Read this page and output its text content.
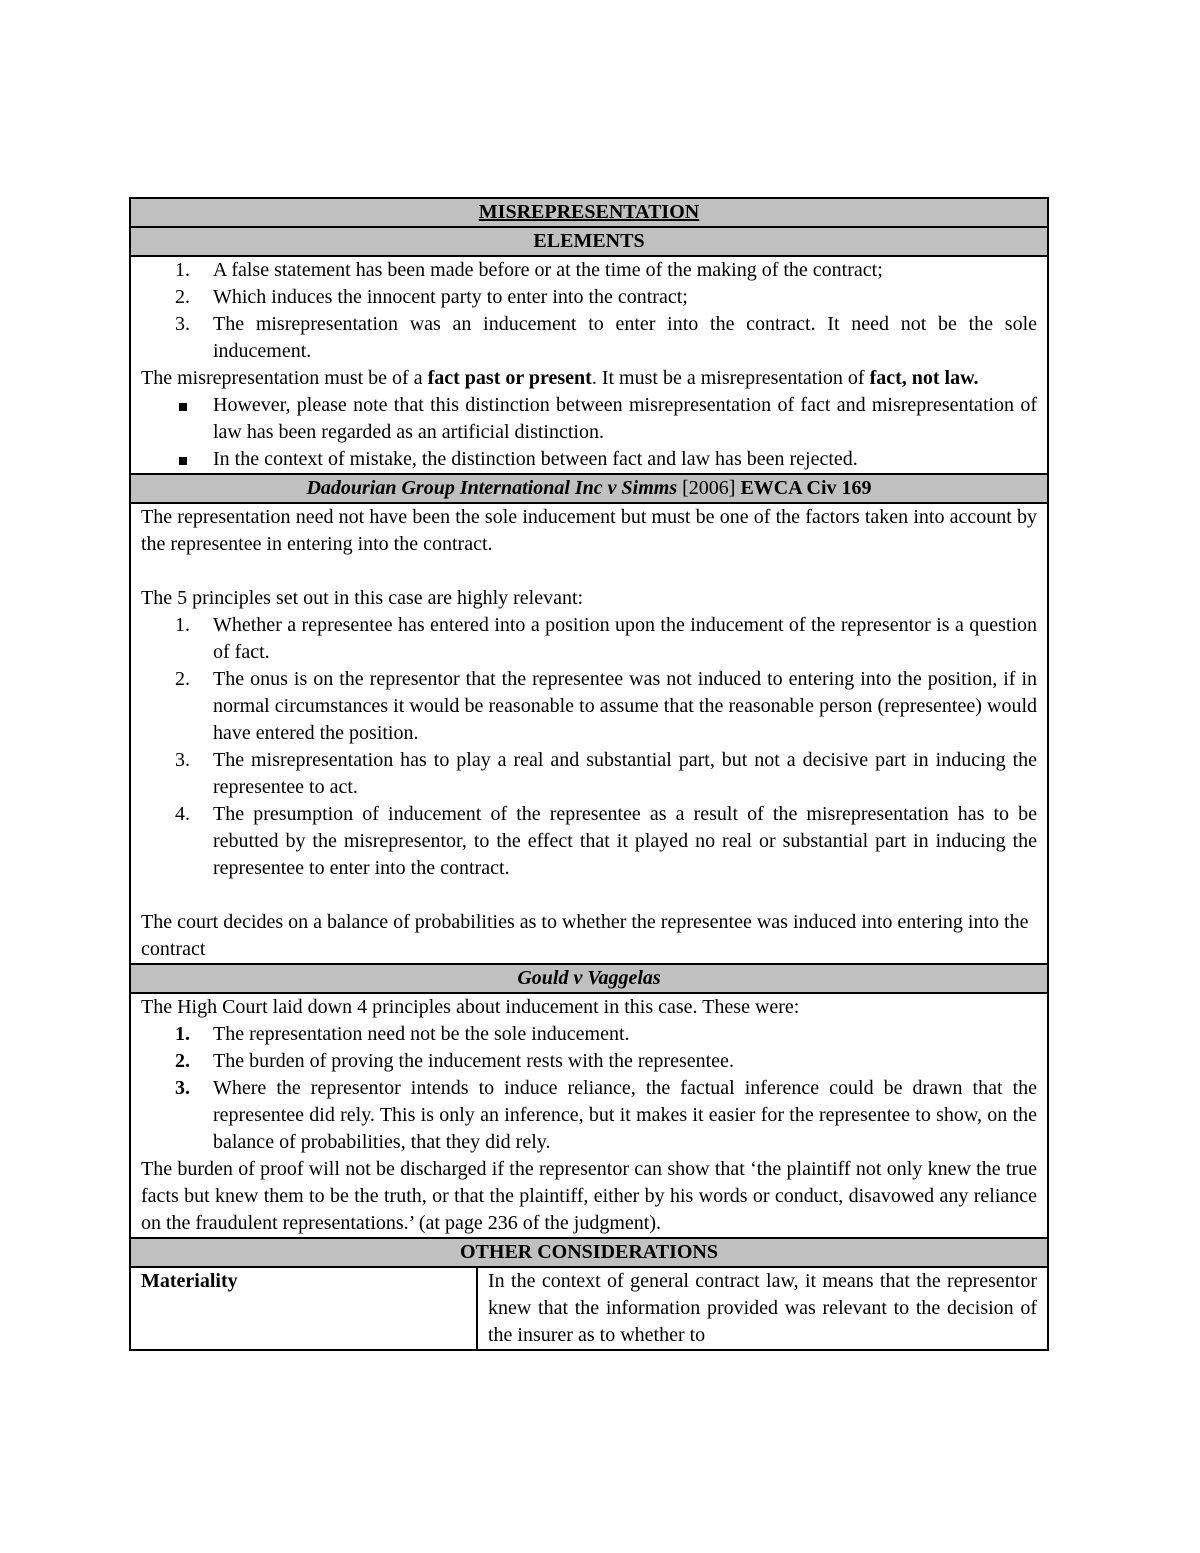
MISREPRESENTATION
ELEMENTS

1.	A false statement has been made before or at the time of the making of the contract;
2.	Which induces the innocent party to enter into the contract;
3.	The misrepresentation was an inducement to enter into the contract. It need not be the sole inducement.

The misrepresentation must be of a fact past or present. It must be a misrepresentation of fact, not law.

However, please note that this distinction between misrepresentation of fact and misrepresentation of law has been regarded as an artificial distinction.
In the context of mistake, the distinction between fact and law has been rejected.

Dadourian Group International Inc v Simms [2006] EWCA Civ 169

The representation need not have been the sole inducement but must be one of the factors taken into account by the representee in entering into the contract.

The 5 principles set out in this case are highly relevant:

1.	Whether a representee has entered into a position upon the inducement of the representor is a question of fact.
2.	The onus is on the representor that the representee was not induced to entering into the position, if in normal circumstances it would be reasonable to assume that the reasonable person (representee) would have entered the position.
3.	The misrepresentation has to play a real and substantial part, but not a decisive part in inducing the representee to act.
4.	The presumption of inducement of the representee as a result of the misrepresentation has to be rebutted by the misrepresentor, to the effect that it played no real or substantial part in inducing the representee to enter into the contract.

The court decides on a balance of probabilities as to whether the representee was induced into entering into the contract

Gould v Vaggelas

The High Court laid down 4 principles about inducement in this case. These were:

1.	The representation need not be the sole inducement.
2.	The burden of proving the inducement rests with the representee.
3.	Where the representor intends to induce reliance, the factual inference could be drawn that the representee did rely. This is only an inference, but it makes it easier for the representee to show, on the balance of probabilities, that they did rely.

The burden of proof will not be discharged if the representor can show that ‘the plaintiff not only knew the true facts but knew them to be the truth, or that the plaintiff, either by his words or conduct, disavowed any reliance on the fraudulent representations.’ (at page 236 of the judgment).

OTHER CONSIDERATIONS
Materiality	In the context of general contract law, it means that the representor knew that the information provided was relevant to the decision of the insurer as to whether to
